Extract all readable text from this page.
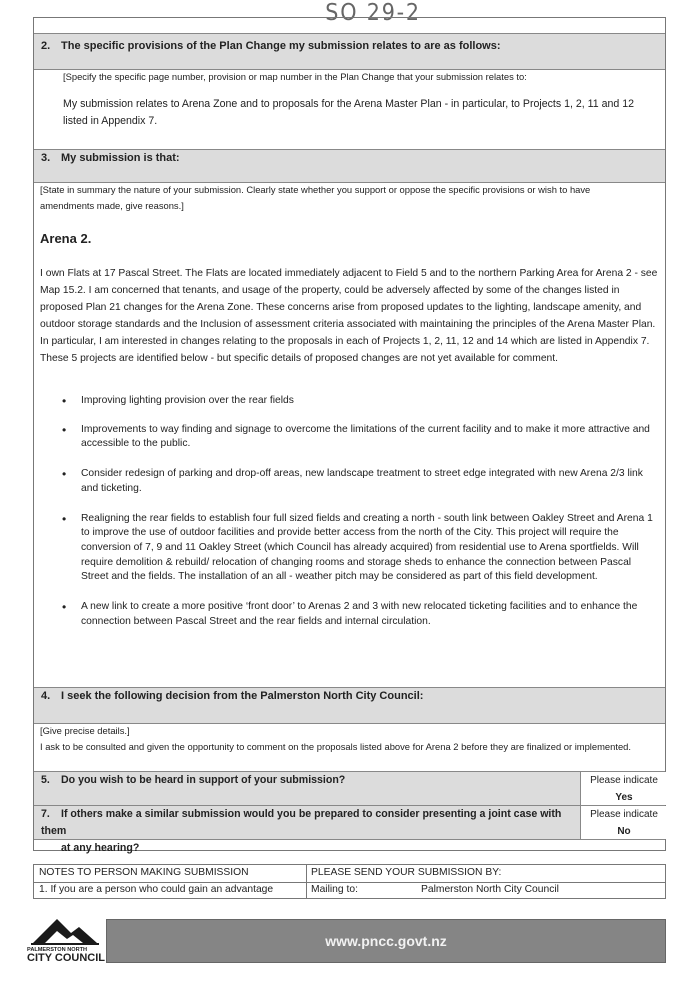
SO 29-2
2. The specific provisions of the Plan Change my submission relates to are as follows:
[Specify the specific page number, provision or map number in the Plan Change that your submission relates to:
My submission relates to Arena Zone and to proposals for the Arena Master Plan - in particular, to Projects 1, 2, 11 and 12
listed in Appendix 7.
3. My submission is that:
[State in summary the nature of your submission. Clearly state whether you support or oppose the specific provisions or wish to have
amendments made, give reasons.]
Arena 2.
I own Flats at 17 Pascal Street. The Flats are located immediately adjacent to Field 5 and to the northern Parking Area for Arena 2 - see Map 15.2. I am concerned that tenants, and usage of the property, could be adversely affected by some of the changes listed in proposed Plan 21 changes for the Arena Zone. These concerns arise from proposed updates to the lighting, landscape amenity, and outdoor storage standards and the Inclusion of assessment criteria associated with maintaining the principles of the Arena Master Plan. In particular, I am interested in changes relating to the proposals in each of Projects 1, 2, 11, 12 and 14 which are listed in Appendix 7. These 5 projects are identified below - but specific details of proposed changes are not yet available for comment.
• Improving lighting provision over the rear fields
• Improvements to way finding and signage to overcome the limitations of the current facility and to make it more attractive and accessible to the public.
• Consider redesign of parking and drop-off areas, new landscape treatment to street edge integrated with new Arena 2/3 link and ticketing.
• Realigning the rear fields to establish four full sized fields and creating a north - south link between Oakley Street and Arena 1 to improve the use of outdoor facilities and provide better access from the north of the City. This project will require the conversion of 7, 9 and 11 Oakley Street (which Council has already acquired) from residential use to Arena sportfields. Will require demolition & rebuild/ relocation of changing rooms and storage sheds to enhance the connection between Pascal Street and the fields. The installation of an all - weather pitch may be considered as part of this field development.
• A new link to create a more positive ‘front door’ to Arenas 2 and 3 with new relocated ticketing facilities and to enhance the connection between Pascal Street and the rear fields and internal circulation.
4. I seek the following decision from the Palmerston North City Council:
[Give precise details.]
I ask to be consulted and given the opportunity to comment on the proposals listed above for Arena 2 before they are finalized or implemented.
5. Do you wish to be heard in support of your submission?	Please indicate
Yes
7. If others make a similar submission would you be prepared to consider presenting a joint case with them
at any hearing?
Please indicate
No
NOTES TO PERSON MAKING SUBMISSION
1. If you are a person who could gain an advantage
PLEASE SEND YOUR SUBMISSION BY:
Mailing to:	Palmerston North City Council
PALMERSTON NORTH
CITY COUNCIL
www.pncc.govt.nz
